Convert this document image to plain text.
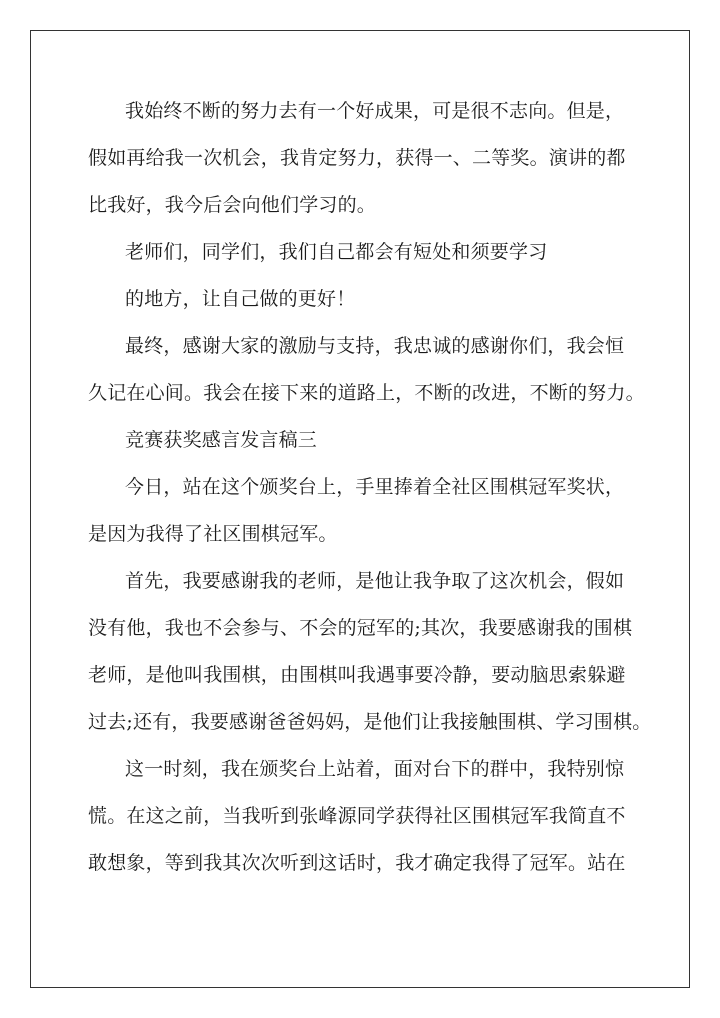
我始终不断的努力去有一个好成果，可是很不志向。但是，
假如再给我一次机会，我肯定努力，获得一、二等奖。演讲的都
比我好，我今后会向他们学习的。
老师们，同学们，我们自己都会有短处和须要学习
的地方，让自己做的更好！
最终，感谢大家的激励与支持，我忠诚的感谢你们，我会恒
久记在心间。我会在接下来的道路上，不断的改进，不断的努力。
竞赛获奖感言发言稿三
今日，站在这个颁奖台上，手里捧着全社区围棋冠军奖状，
是因为我得了社区围棋冠军。
首先，我要感谢我的老师，是他让我争取了这次机会，假如
没有他，我也不会参与、不会的冠军的;其次，我要感谢我的围棋
老师，是他叫我围棋，由围棋叫我遇事要冷静，要动脑思索躲避
过去;还有，我要感谢爸爸妈妈，是他们让我接触围棋、学习围棋。
这一时刻，我在颁奖台上站着，面对台下的群中，我特别惊
慌。在这之前，当我听到张峰源同学获得社区围棋冠军我简直不
敢想象，等到我其次次听到这话时，我才确定我得了冠军。站在
